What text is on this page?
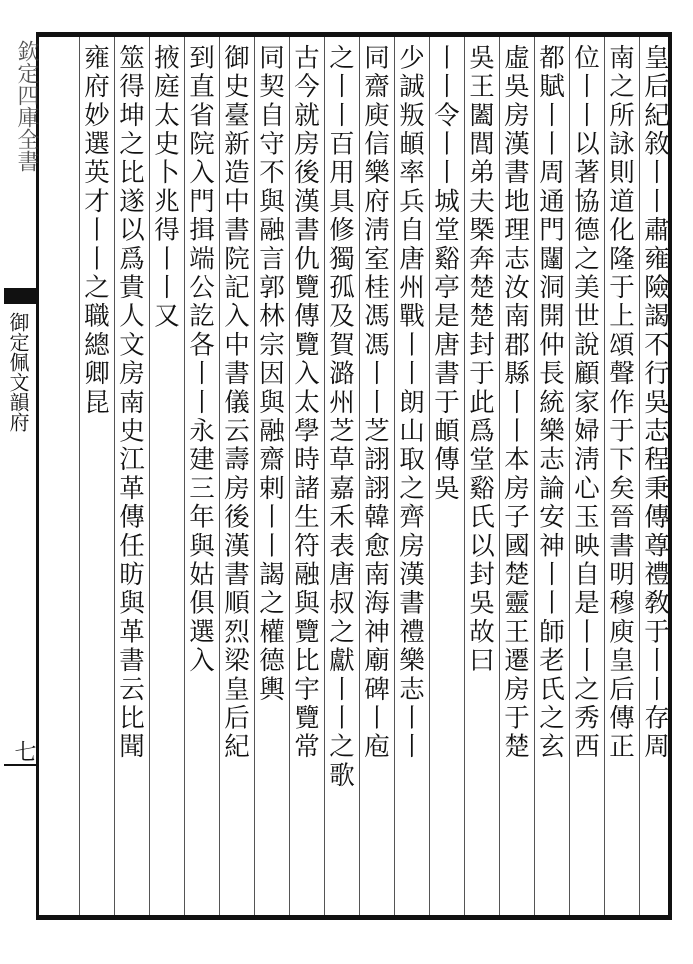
欽定四庫全書
御定佩文韻府
七	皇后紀敘丨丨肅雍險謁不行吳志程秉傳尊禮敎于丨丨存周
南之所詠則道化隆于上頌聲作于下矣晉書明穆庾皇后傳正
位丨丨以著協德之美世說顧家婦淸心玉映自是丨丨之秀西
都賦丨丨周通門闥洞開仲長統樂志論安神丨丨師老氏之玄
虛吳房漢書地理志汝南郡縣丨丨本房子國楚靈王遷房于楚
吳王闔閭弟夫槩奔楚楚封于此爲堂谿氏以封吳故曰
丨丨令丨丨城堂谿亭是唐書于頔傳吳
少誠叛頔率兵自唐州戰丨丨朗山取之齊房漢書禮樂志丨丨
同齋庾信樂府淸室桂馮馮丨丨芝詡詡韓愈南海神廟碑丨庖
之丨丨百用具修獨孤及賀潞州芝草嘉禾表唐叔之獻丨丨之歌
古今就房後漢書仇覽傳覽入太學時諸生符融與覽比宇覽常
同契自守不與融言郭林宗因與融齋剌丨丨謁之權德輿
御史臺新造中書院記入中書儀云壽房後漢書順烈梁皇后紀
到直省院入門揖端公訖各丨丨永建三年與姑俱選入
掖庭太史卜兆得丨丨又
筮得坤之比遂以爲貴人文房南史江革傳任昉與革書云比聞
雍府妙選英才丨丨之職總卿昆
